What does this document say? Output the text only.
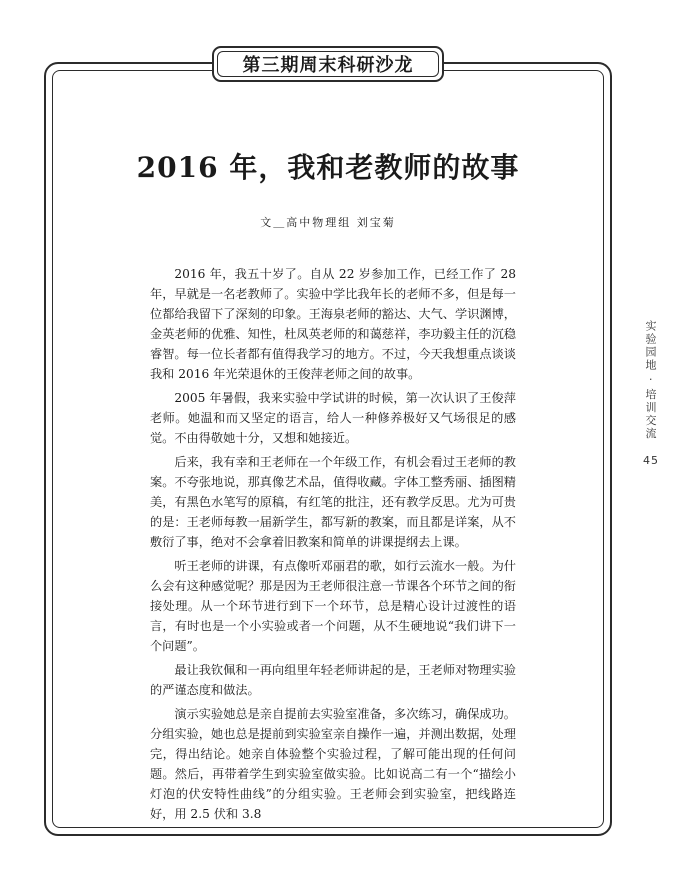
第三期周末科研沙龙
2016 年，我和老教师的故事
文＿高中物理组 刘宝菊

2016 年，我五十岁了。自从 22 岁参加工作，已经工作了 28 年，早就是一名老教师了。实验中学比我年长的老师不多，但是每一位都给我留下了深刻的印象。王海泉老师的豁达、大气、学识渊博，金英老师的优雅、知性，杜凤英老师的和蔼慈祥，李功毅主任的沉稳睿智。每一位长者都有值得我学习的地方。不过，今天我想重点谈谈我和 2016 年光荣退休的王俊萍老师之间的故事。

2005 年暑假，我来实验中学试讲的时候，第一次认识了王俊萍老师。她温和而又坚定的语言，给人一种修养极好又气场很足的感觉。不由得敬她十分，又想和她接近。

后来，我有幸和王老师在一个年级工作，有机会看过王老师的教案。不夸张地说，那真像艺术品，值得收藏。字体工整秀丽、插图精美，有黑色水笔写的原稿，有红笔的批注，还有教学反思。尤为可贵的是：王老师每教一届新学生，都写新的教案，而且都是详案，从不敷衍了事，绝对不会拿着旧教案和简单的讲课提纲去上课。

听王老师的讲课，有点像听邓丽君的歌，如行云流水一般。为什么会有这种感觉呢？那是因为王老师很注意一节课各个环节之间的衔接处理。从一个环节进行到下一个环节，总是精心设计过渡性的语言，有时也是一个小实验或者一个问题，从不生硬地说“我们讲下一个问题”。

最让我钦佩和一再向组里年轻老师讲起的是，王老师对物理实验的严谨态度和做法。

演示实验她总是亲自提前去实验室准备，多次练习，确保成功。分组实验，她也总是提前到实验室亲自操作一遍，并测出数据，处理完，得出结论。她亲自体验整个实验过程，了解可能出现的任何问题。然后，再带着学生到实验室做实验。比如说高二有一个“描绘小灯泡的伏安特性曲线”的分组实验。王老师会到实验室，把线路连好，用 2.5 伏和 3.8

实验园地 · 培训交流
45
